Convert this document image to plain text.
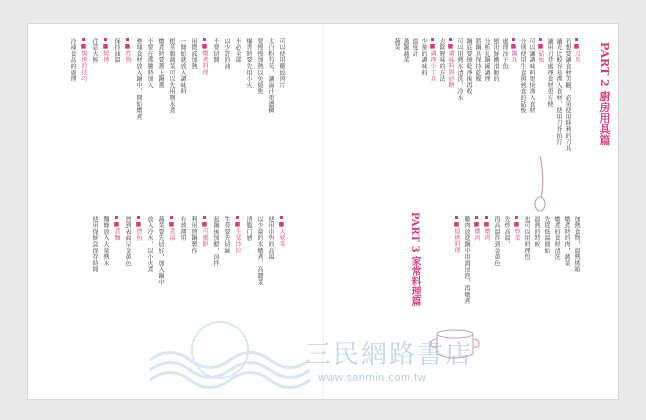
可以使用雞絞肉片
太白粉勾芡，讓湯汁更濃稠
要慢慢加熱以免燒焦
爆香時要先用小火
不必全部
以少許的油
不要切開
■燉煮料理
用微波加熱
一開始就放入調味料
根莖類蔬菜可以先用鹽水煮
燉煮時要蓋上鍋蓋
不要在沸騰時加入
整塊食材放入鍋中，開始燉煮
■炸物
保持油溫
■燒烤
注意火候
■焗烤的技巧
冷凍食品的處理
■大眾菜
使用市售的高湯
以少量的水燉煮，高麗菜
清脆口感
■生菜沙拉
牛蒡要先切絲
起鍋後加醋，涼拌
■可樂餅
利用煎鍋製作
有效運用
■煮湯
蔬菜要先切好，加入鍋中
放入冷水，以小火煮
■煎魚
煎到表面呈金黃色
■煮麵
麵條放入大量熱水
使用保鮮盒保存時間
PART 2 廚房用具篇
PART 3 家常料理篇
■刀具
若想要讓食材美觀，必須使用鋒利的刀具
讓光比較容易滲入食材，使用刀背拍打
讓用刀背處理食材更方便
■砧板
可以讓調味料更快滲入食材
分別使用生食與熟食的砧板
■鍋具
處理沙子魚
刨出鮮嫩滑順的
分析孔鍋鏟調理
將鍋具保持乾燥
鍋底要擦乾淨後再收
可以用熱水清洗，冷水
■調味料與砂糖
去除腥味的方法
■調理小工具
少量的調味料
溫度計
蒸籠蔬菜
蔬菜
加熱食物，溫熱烤箱
燉煮時的肉，蔬菜
燉煮的食材清洗
先從低溫開始
溫熱的時候
也可以用料理包
■炒菜
先炒高溫，
再高溫炸到金黃色
■燉肉
■燉肉
雞肉放進鍋中用酒浸泡，再燉煮
■燒烤料理
三民網路書店
www.sanmin.com.tw
